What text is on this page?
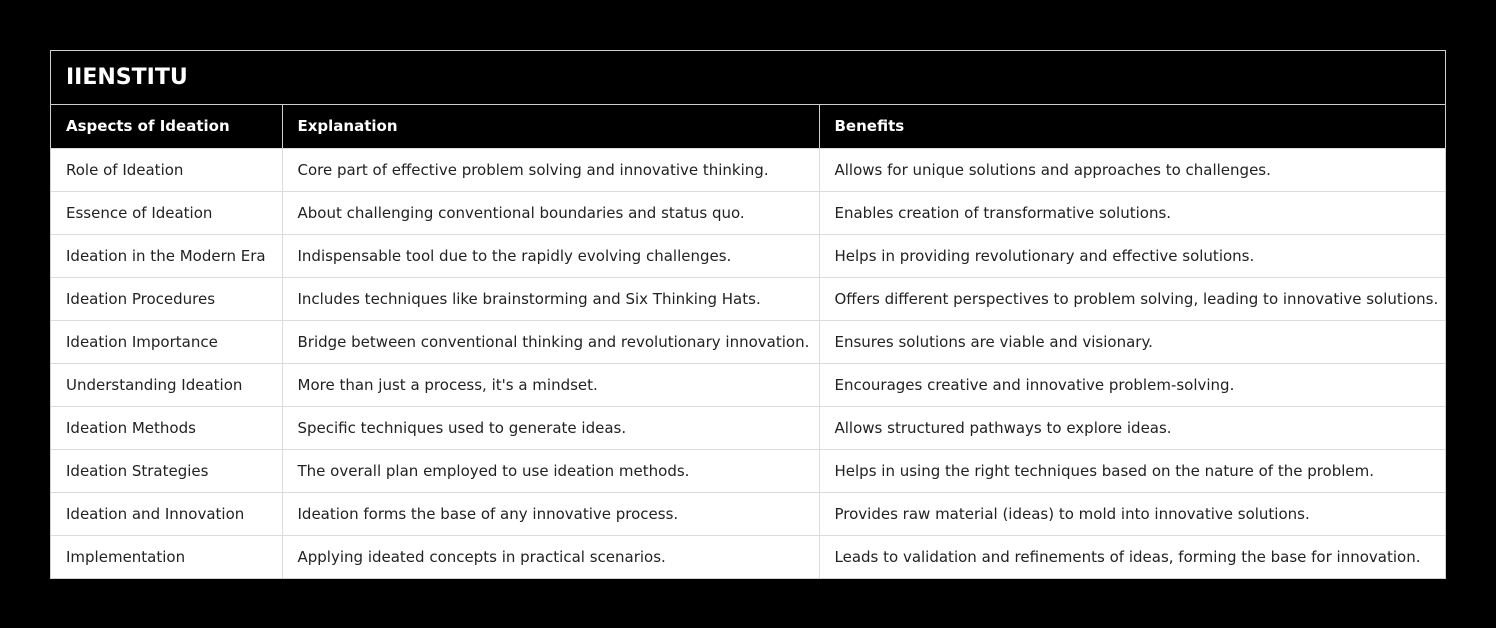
IIENSTITU
Aspects of Ideation	Explanation	Benefits
Role of Ideation	Core part of effective problem solving and innovative thinking.	Allows for unique solutions and approaches to challenges.
Essence of Ideation	About challenging conventional boundaries and status quo.	Enables creation of transformative solutions.
Ideation in the Modern Era	Indispensable tool due to the rapidly evolving challenges.	Helps in providing revolutionary and effective solutions.
Ideation Procedures	Includes techniques like brainstorming and Six Thinking Hats.	Offers different perspectives to problem solving, leading to innovative solutions.
Ideation Importance	Bridge between conventional thinking and revolutionary innovation.	Ensures solutions are viable and visionary.
Understanding Ideation	More than just a process, it's a mindset.	Encourages creative and innovative problem-solving.
Ideation Methods	Specific techniques used to generate ideas.	Allows structured pathways to explore ideas.
Ideation Strategies	The overall plan employed to use ideation methods.	Helps in using the right techniques based on the nature of the problem.
Ideation and Innovation	Ideation forms the base of any innovative process.	Provides raw material (ideas) to mold into innovative solutions.
Implementation	Applying ideated concepts in practical scenarios.	Leads to validation and refinements of ideas, forming the base for innovation.
